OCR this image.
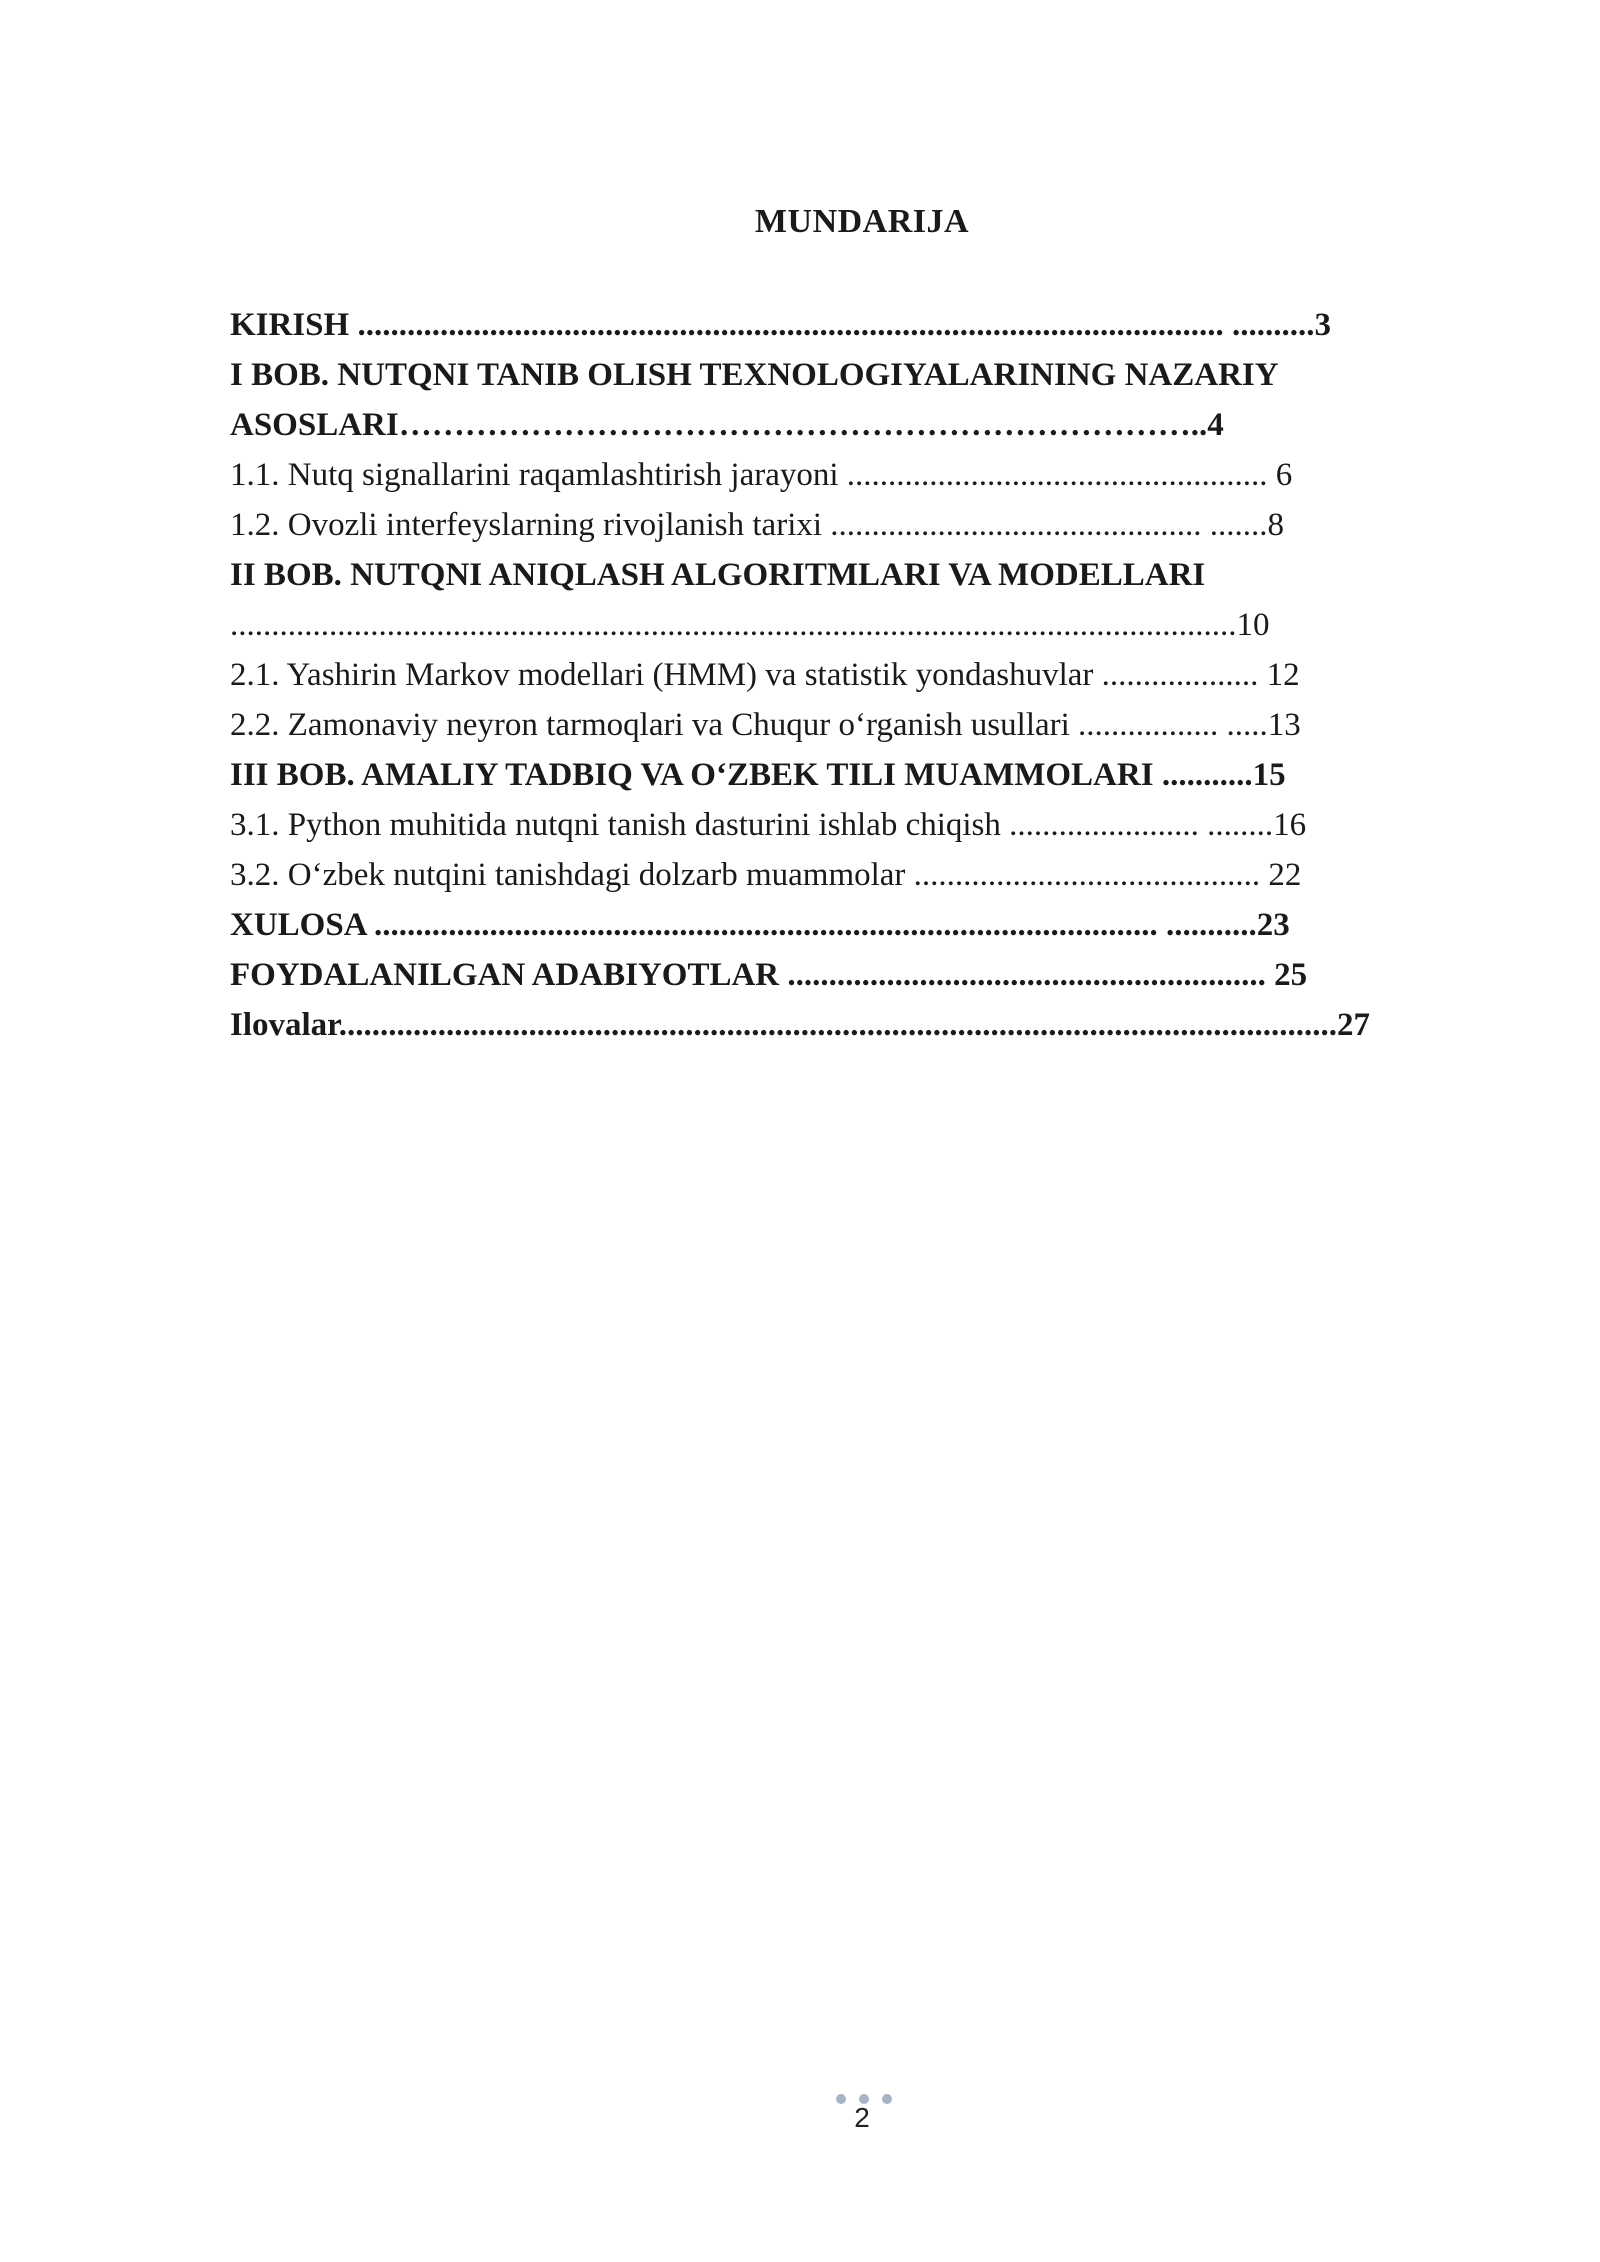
MUNDARIJA
KIRISH ......................................................................................................... ..........3
I BOB. NUTQNI TANIB OLISH TEXNOLOGIYALARINING NAZARIY
ASOSLARI………………………………………………………………..4
1.1. Nutq signallarini raqamlashtirish jarayoni ................................................... 6
1.2. Ovozli interfeyslarning rivojlanish tarixi ............................................. .......8
II BOB. NUTQNI ANIQLASH ALGORITMLARI VA MODELLARI
..........................................................................................................................10
2.1. Yashirin Markov modellari (HMM) va statistik yondashuvlar ................... 12
2.2. Zamonaviy neyron tarmoqlari va Chuqur o‘rganish usullari ................. .....13
III BOB. AMALIY TADBIQ VA O‘ZBEK TILI MUAMMOLARI ...........15
3.1. Python muhitida nutqni tanish dasturini ishlab chiqish ....................... ........16
3.2. O‘zbek nutqini tanishdagi dolzarb muammolar .......................................... 22
XULOSA ............................................................................................... ...........23
FOYDALANILGAN ADABIYOTLAR .......................................................... 25
Ilovalar.........................................................................................................................27
2
